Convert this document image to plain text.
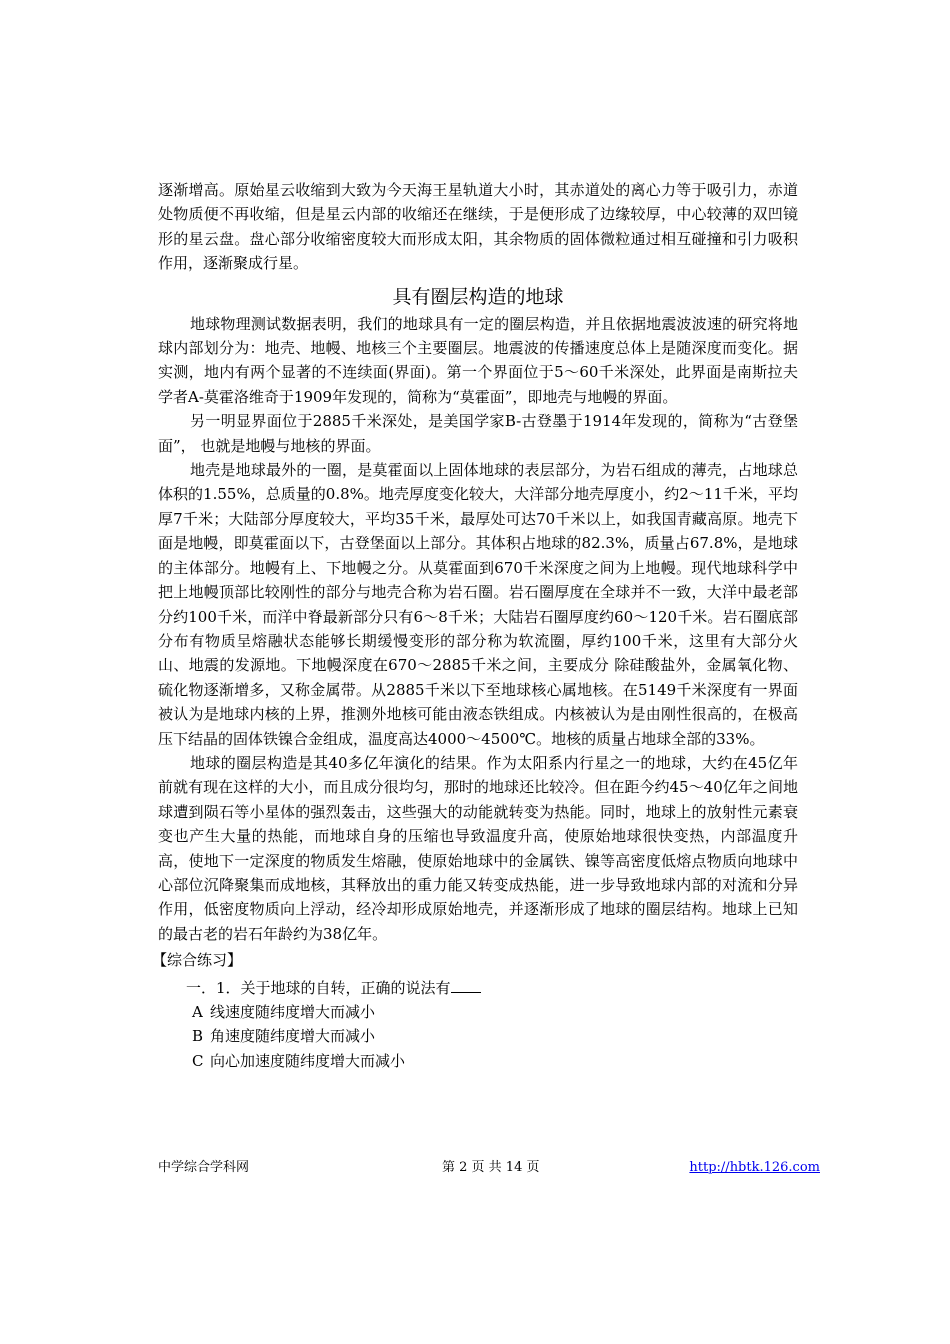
逐渐增高。原始星云收缩到大致为今天海王星轨道大小时，其赤道处的离心力等于吸引力，赤道处物质便不再收缩，但是星云内部的收缩还在继续，于是便形成了边缘较厚，中心较薄的双凹镜形的星云盘。盘心部分收缩密度较大而形成太阳，其余物质的固体微粒通过相互碰撞和引力吸积作用，逐渐聚成行星。

具有圈层构造的地球

地球物理测试数据表明，我们的地球具有一定的圈层构造，并且依据地震波波速的研究将地球内部划分为：地壳、地幔、地核三个主要圈层。地震波的传播速度总体上是随深度而变化。据实测，地内有两个显著的不连续面(界面)。第一个界面位于5～60千米深处，此界面是南斯拉夫学者A-莫霍洛维奇于1909年发现的，简称为“莫霍面”，即地壳与地幔的界面。

另一明显界面位于2885千米深处，是美国学家B-古登墨于1914年发现的，简称为“古登堡面”， 也就是地幔与地核的界面。

地壳是地球最外的一圈，是莫霍面以上固体地球的表层部分，为岩石组成的薄壳，占地球总体积的1.55%，总质量的0.8%。地壳厚度变化较大，大洋部分地壳厚度小，约2～11千米，平均厚7千米；大陆部分厚度较大，平均35千米，最厚处可达70千米以上，如我国青藏高原。地壳下面是地幔，即莫霍面以下，古登堡面以上部分。其体积占地球的82.3%，质量占67.8%，是地球的主体部分。地幔有上、下地幔之分。从莫霍面到670千米深度之间为上地幔。现代地球科学中把上地幔顶部比较刚性的部分与地壳合称为岩石圈。岩石圈厚度在全球并不一致，大洋中最老部分约100千米，而洋中脊最新部分只有6～8千米；大陆岩石圈厚度约60～120千米。岩石圈底部分布有物质呈熔融状态能够长期缓慢变形的部分称为软流圈，厚约100千米，这里有大部分火山、地震的发源地。下地幔深度在670～2885千米之间，主要成分 除硅酸盐外，金属氧化物、硫化物逐渐增多，又称金属带。从2885千米以下至地球核心属地核。在5149千米深度有一界面被认为是地球内核的上界，推测外地核可能由液态铁组成。内核被认为是由刚性很高的，在极高压下结晶的固体铁镍合金组成，温度高达4000～4500℃。地核的质量占地球全部的33%。

地球的圈层构造是其40多亿年演化的结果。作为太阳系内行星之一的地球，大约在45亿年前就有现在这样的大小，而且成分很均匀，那时的地球还比较冷。但在距今约45～40亿年之间地球遭到陨石等小星体的强烈轰击，这些强大的动能就转变为热能。同时，地球上的放射性元素衰变也产生大量的热能，而地球自身的压缩也导致温度升高，使原始地球很快变热，内部温度升高，使地下一定深度的物质发生熔融，使原始地球中的金属铁、镍等高密度低熔点物质向地球中心部位沉降聚集而成地核，其释放出的重力能又转变成热能，进一步导致地球内部的对流和分异作用，低密度物质向上浮动，经冷却形成原始地壳，并逐渐形成了地球的圈层结构。地球上已知的最古老的岩石年龄约为38亿年。

【综合练习】
一．1．关于地球的自转，正确的说法有
A 线速度随纬度增大而减小
B 角速度随纬度增大而减小
C 向心加速度随纬度增大而减小
中学综合学科网	第 2 页 共 14 页	http://hbtk.126.com
